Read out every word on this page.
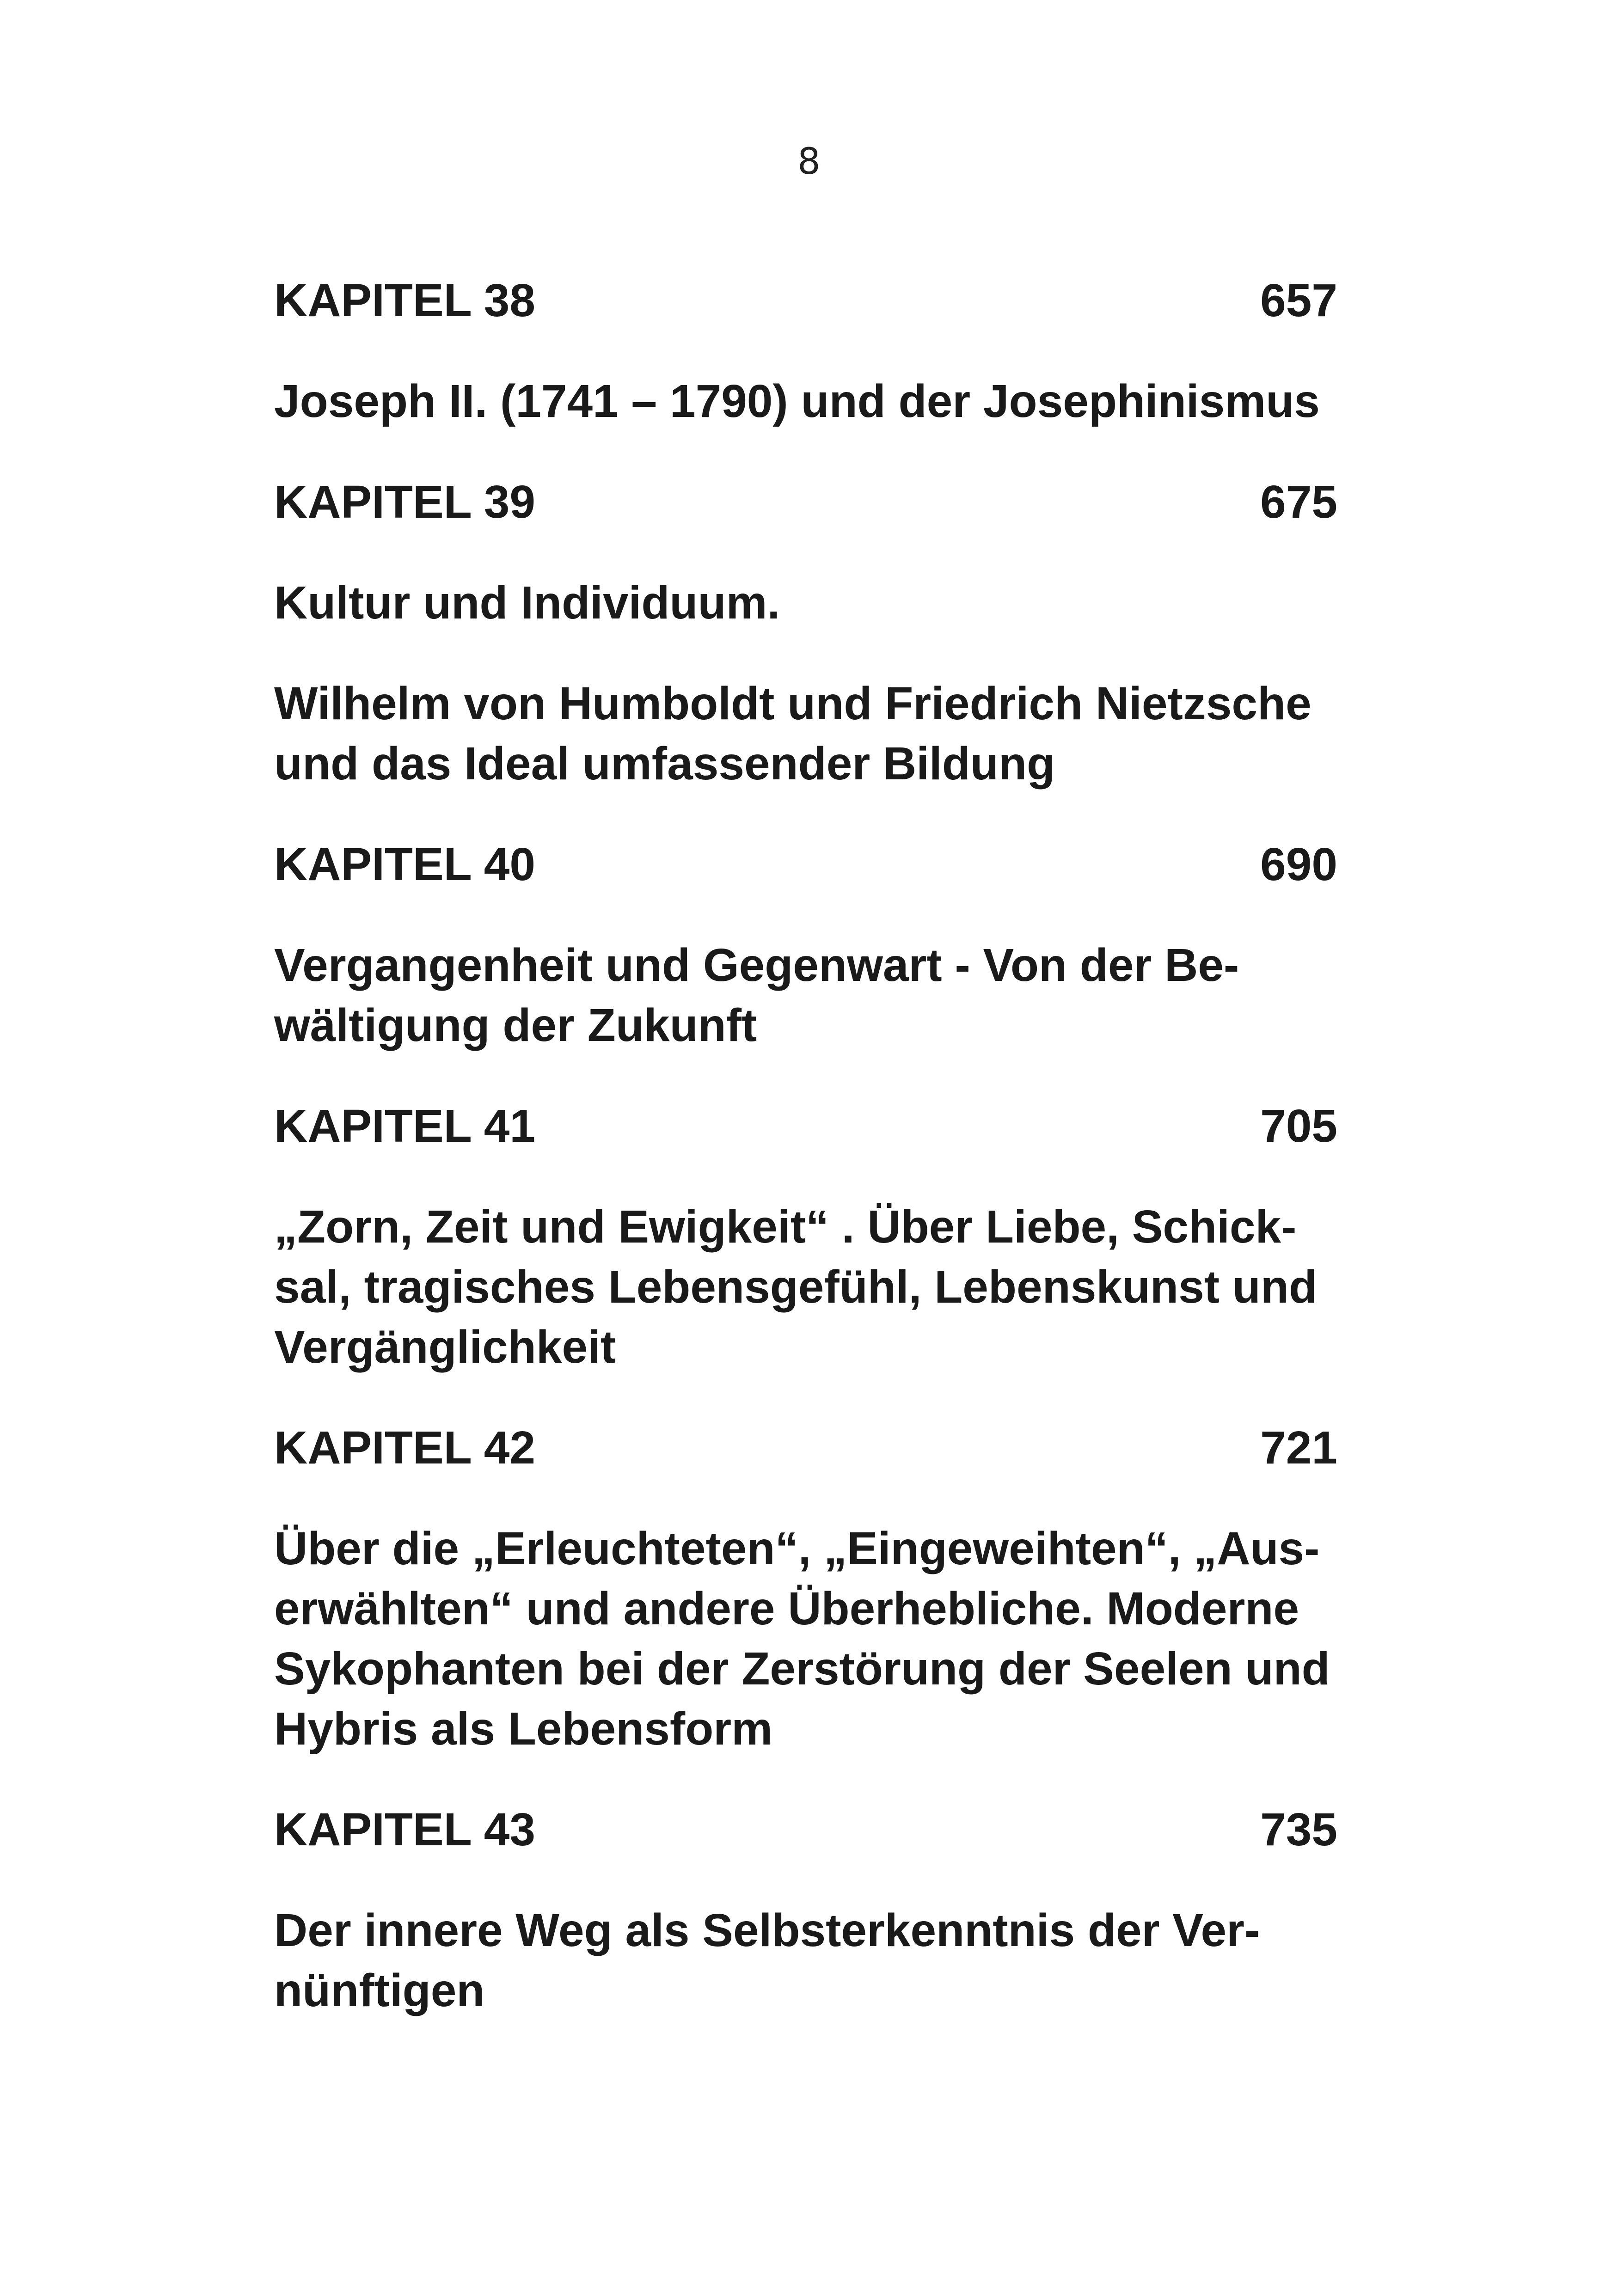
8
KAPITEL 38	657

Joseph II. (1741 – 1790) und der Josephinismus

KAPITEL 39	675

Kultur und Individuum.

Wilhelm von Humboldt und Friedrich Nietzsche
und das Ideal umfassender Bildung

KAPITEL 40	690

Vergangenheit und Gegenwart - Von der Be-
wältigung der Zukunft

KAPITEL 41	705

„Zorn, Zeit und Ewigkeit“ . Über Liebe, Schick-
sal, tragisches Lebensgefühl, Lebenskunst und
Vergänglichkeit

KAPITEL 42	721

Über die „Erleuchteten“, „Eingeweihten“, „Aus-
erwählten“ und andere Überhebliche. Moderne
Sykophanten bei der Zerstörung der Seelen und
Hybris als Lebensform

KAPITEL 43	735

Der innere Weg als Selbsterkenntnis der Ver-
nünftigen
